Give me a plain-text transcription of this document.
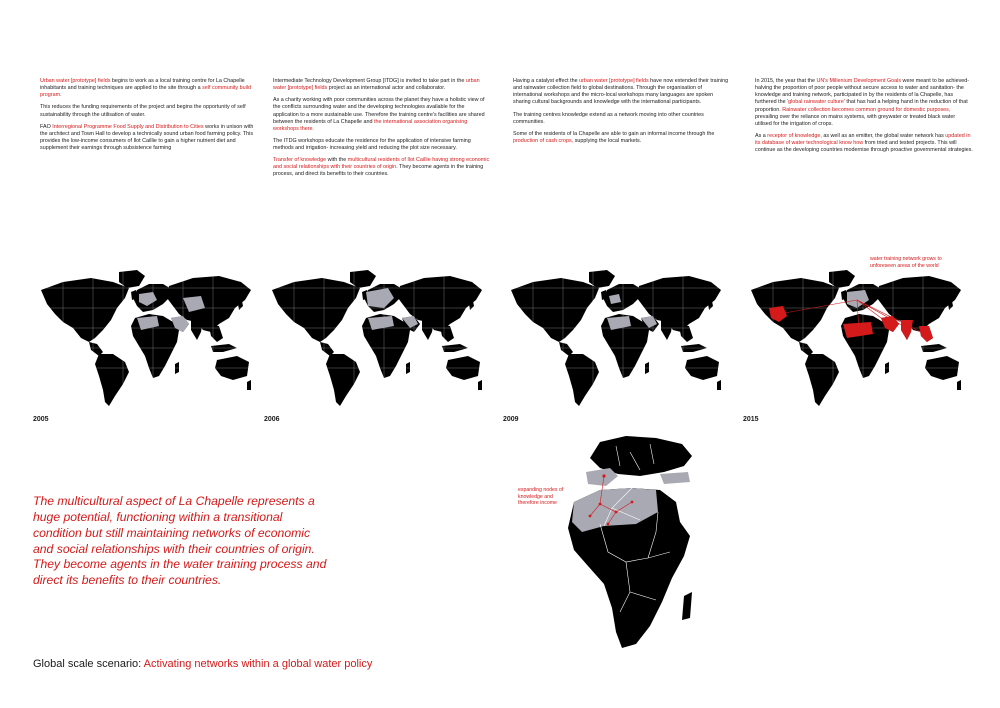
Urban water [prototype] fields begins to work as a local training centre for La Chapelle inhabitants and training techniques are applied to the site through a self community build program.

This reduces the funding requirements of the project and begins the opportunity of self sustainability through the utilisation of water.

FAO Interregional Programme Food Supply and Distribution to Cities works in unison with the architect and Town Hall to develop a technically sound urban food farming policy. This provides the low-income consumers of Ilot Caillie to gain a higher nutrient diet and supplement their earnings through subsistence farming

Intermediate Technology Development Group [ITDG] is invited to take part in the urban water [prototype] fields project as an international actor and collaborator.

As a charity working with poor communities across the planet they have a holistic view of the conflicts surrounding water and the developing technologies available for the application to a more sustainable use. Therefore the training centre's facilities are shared between the residents of La Chapelle and the international association organising workshops there.

The ITDG workshops educate the residence for the application of intensive farming methods and irrigation- increasing yield and reducing the plot size necessary.

Transfer of knowledge with the multicultural residents of Ilot Caillie having strong economic and social relationships with their countries of origin. They become agents in the training process, and direct its benefits to their countries.

Having a catalyst effect the urban water [prototype] fields have now extended their training and rainwater collection field to global destinations. Through the organisation of international workshops and the micro-local workshops many languages are spoken sharing cultural backgrounds and knowledge with the international participants.

The training centres knowledge extend as a network moving into other countries communities.

Some of the residents of la Chapelle are able to gain an informal income through the production of cash crops, supplying the local markets.

In 2015, the year that the UN's Millenium Development Goals were meant to be achieved- halving the proportion of poor people without secure access to water and sanitation- the knowledge and training network, participated in by the residents of la Chapelle, has furthered the 'global rainwater culture' that has had a helping hand in the reduction of that proportion. Rainwater collection becomes common ground for domestic purposes, prevailing over the reliance on mains systems, with greywater or treated black water utilised for the irrigation of crops.

As a receptor of knowledge, as well as an emitter, the global water network has updated in its database of water technological know how from tried and tested projects. This will continue as the developing countries modernise through proactive governmental strategies.

water training network grows to unforeseen areas of the world
2005	2006	2009	2015
The multicultural aspect of La Chapelle represents a huge potential, functioning within a transitional condition but still maintaining networks of economic and social relationships with their countries of origin. They become agents in the water training process and direct its benefits to their countries.
expanding nodes of knowledge and therefore income
Global scale scenario: Activating networks within a global water policy
